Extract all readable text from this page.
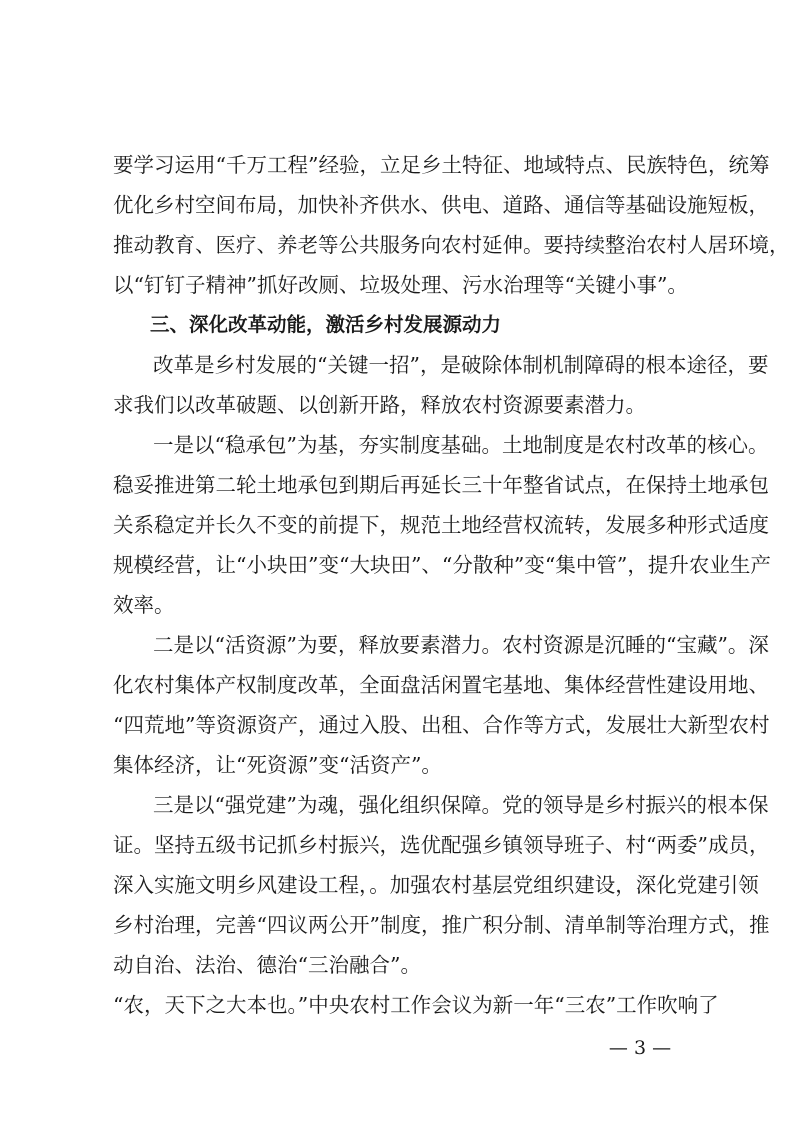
要学习运用“千万工程”经验，立足乡土特征、地域特点、民族特色，统筹
优化乡村空间布局，加快补齐供水、供电、道路、通信等基础设施短板，
推动教育、医疗、养老等公共服务向农村延伸。要持续整治农村人居环境，
以“钉钉子精神”抓好改厕、垃圾处理、污水治理等“关键小事”。
三、深化改革动能，激活乡村发展源动力
改革是乡村发展的“关键一招”，是破除体制机制障碍的根本途径，要
求我们以改革破题、以创新开路，释放农村资源要素潜力。
一是以“稳承包”为基，夯实制度基础。土地制度是农村改革的核心。
稳妥推进第二轮土地承包到期后再延长三十年整省试点，在保持土地承包
关系稳定并长久不变的前提下，规范土地经营权流转，发展多种形式适度
规模经营，让“小块田”变“大块田”、“分散种”变“集中管”，提升农业生产
效率。
二是以“活资源”为要，释放要素潜力。农村资源是沉睡的“宝藏”。深
化农村集体产权制度改革，全面盘活闲置宅基地、集体经营性建设用地、
“四荒地”等资源资产，通过入股、出租、合作等方式，发展壮大新型农村
集体经济，让“死资源”变“活资产”。
三是以“强党建”为魂，强化组织保障。党的领导是乡村振兴的根本保
证。坚持五级书记抓乡村振兴，选优配强乡镇领导班子、村“两委”成员，
深入实施文明乡风建设工程，。加强农村基层党组织建设，深化党建引领
乡村治理，完善“四议两公开”制度，推广积分制、清单制等治理方式，推
动自治、法治、德治“三治融合”。
“农，天下之大本也。”中央农村工作会议为新一年“三农”工作吹响了
— 3 —
